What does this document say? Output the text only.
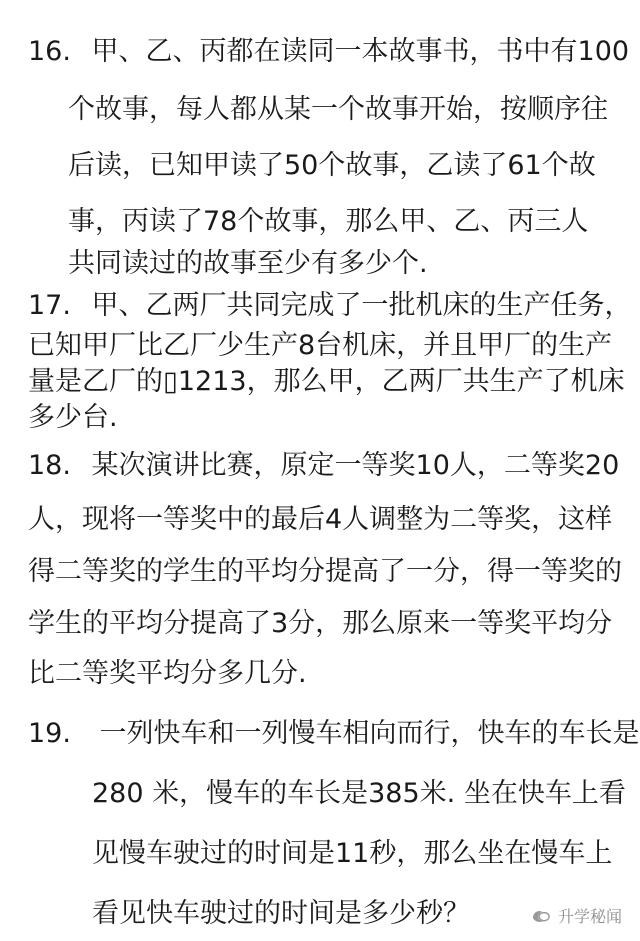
16. 甲、乙、丙都在读同一本故事书，书中有100
个故事，每人都从某一个故事开始，按顺序往
后读，已知甲读了50个故事，乙读了61个故
事，丙读了78个故事，那么甲、乙、丙三人
共同读过的故事至少有多少个.
17. 甲、乙两厂共同完成了一批机床的生产任务，
已知甲厂比乙厂少生产8台机床，并且甲厂的生产
量是乙厂的▯1213，那么甲，乙两厂共生产了机床
多少台.
18. 某次演讲比赛，原定一等奖10人，二等奖20
人，现将一等奖中的最后4人调整为二等奖，这样
得二等奖的学生的平均分提高了一分，得一等奖的
学生的平均分提高了3分，那么原来一等奖平均分
比二等奖平均分多几分.
19. 一列快车和一列慢车相向而行，快车的车长是
280 米，慢车的车长是385米. 坐在快车上看
见慢车驶过的时间是11秒，那么坐在慢车上
看见快车驶过的时间是多少秒？	升学秘闻
